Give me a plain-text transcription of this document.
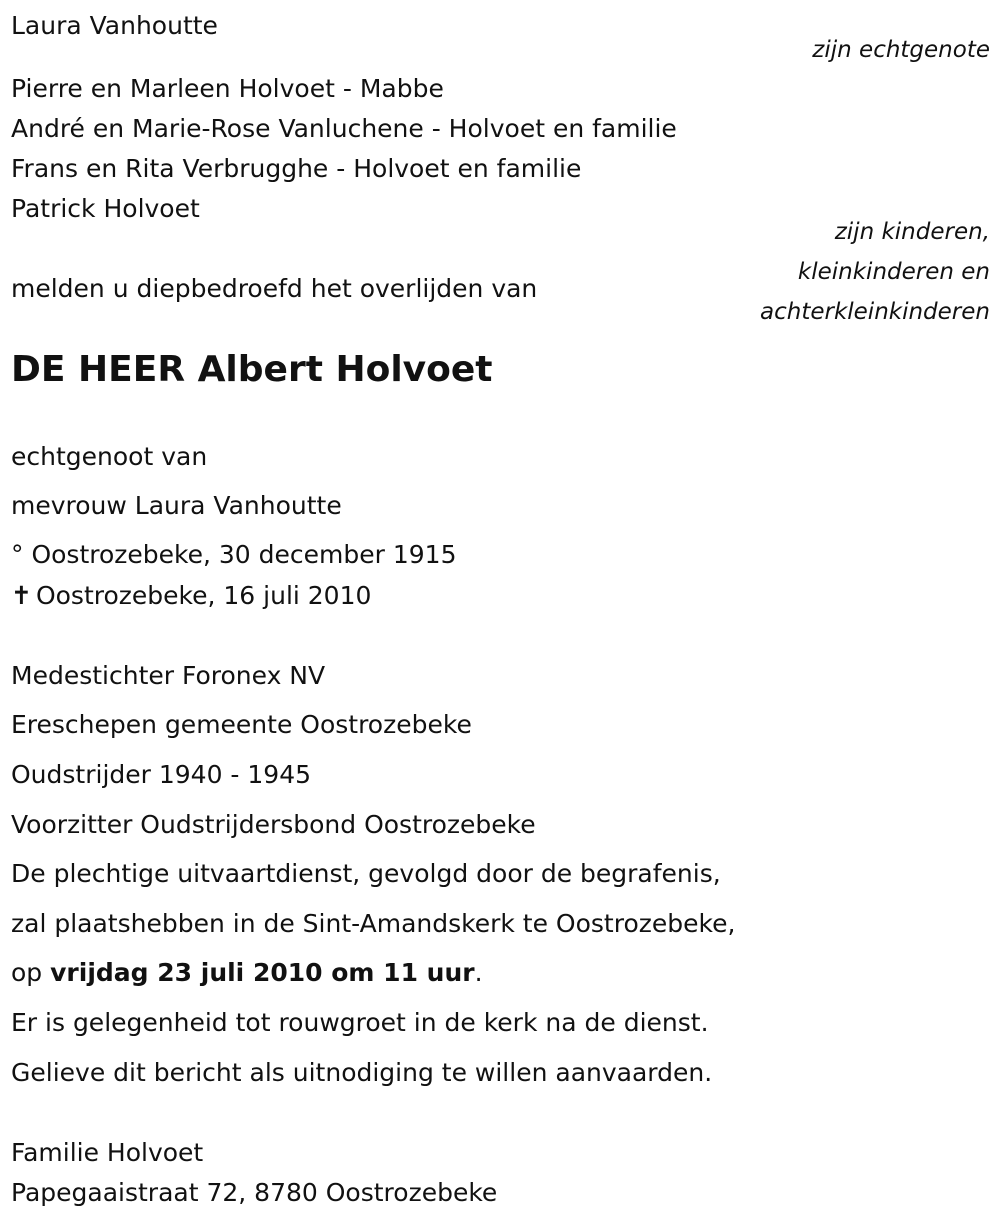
Laura Vanhoutte
zijn echtgenote
Pierre en Marleen Holvoet - Mabbe
André en Marie-Rose Vanluchene - Holvoet en familie
Frans en Rita Verbrugghe - Holvoet en familie
Patrick Holvoet
zijn kinderen,
kleinkinderen en
achterkleinkinderen
melden u diepbedroefd het overlijden van
DE HEER Albert Holvoet
echtgenoot van
mevrouw Laura Vanhoutte
° Oostrozebeke, 30 december 1915
✝ Oostrozebeke, 16 juli 2010
Medestichter Foronex NV
Ereschepen gemeente Oostrozebeke
Oudstrijder 1940 - 1945
Voorzitter Oudstrijdersbond Oostrozebeke
De plechtige uitvaartdienst, gevolgd door de begrafenis,
zal plaatshebben in de Sint-Amandskerk te Oostrozebeke,
op vrijdag 23 juli 2010 om 11 uur.
Er is gelegenheid tot rouwgroet in de kerk na de dienst.
Gelieve dit bericht als uitnodiging te willen aanvaarden.
Familie Holvoet
Papegaaistraat 72, 8780 Oostrozebeke
